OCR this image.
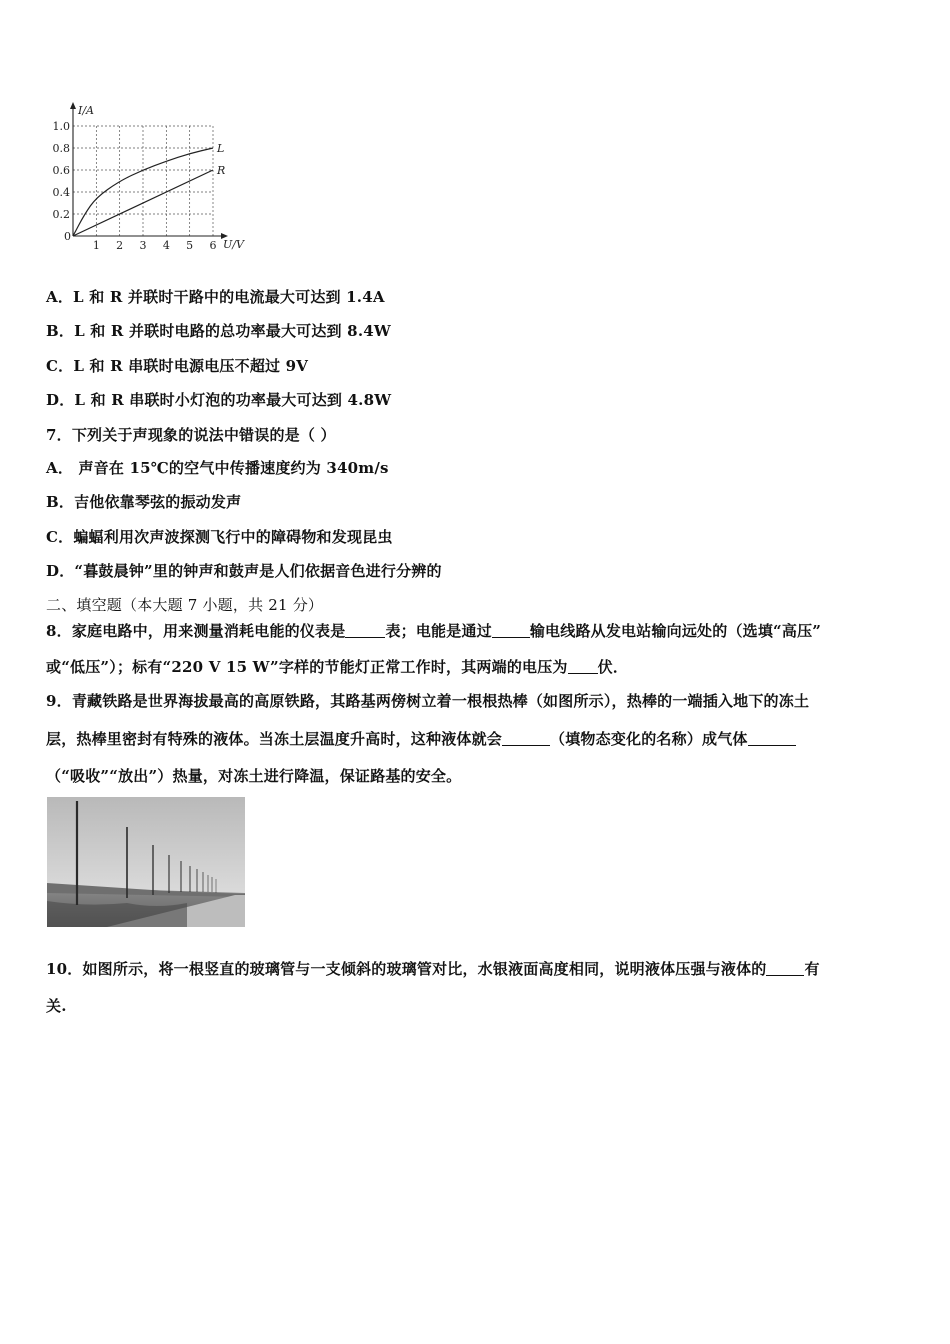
1 2 3 4 5 6
0.2
0.4
0.6
0.8
1.0
0
U/V
I/A
L
R
A．L 和 R 并联时干路中的电流最大可达到 1.4A
B．L 和 R 并联时电路的总功率最大可达到 8.4W
C．L 和 R 串联时电源电压不超过 9V
D．L 和 R 串联时小灯泡的功率最大可达到 4.8W
7．下列关于声现象的说法中错误的是（ ）
A． 声音在 15℃的空气中传播速度约为 340m/s
B．吉他依靠琴弦的振动发声
C．蝙蝠利用次声波探测飞行中的障碍物和发现昆虫
D．“暮鼓晨钟”里的钟声和鼓声是人们依据音色进行分辨的
二、填空题（本大题 7 小题，共 21 分）
8．家庭电路中，用来测量消耗电能的仪表是	表；电能是通过	输电线路从发电站输向远处的（选填“高压”
或“低压”）；标有“220 V 15 W”字样的节能灯正常工作时，其两端的电压为 伏．
9．青藏铁路是世界海拔最高的高原铁路，其路基两傍树立着一根根热棒（如图所示），热棒的一端插入地下的冻土
层，热棒里密封有特殊的液体。当冻土层温度升高时，这种液体就会	（填物态变化的名称）成气体
（“吸收”“放出”）热量，对冻土进行降温，保证路基的安全。
10．如图所示，将一根竖直的玻璃管与一支倾斜的玻璃管对比，水银液面高度相同，说明液体压强与液体的	有
关.
